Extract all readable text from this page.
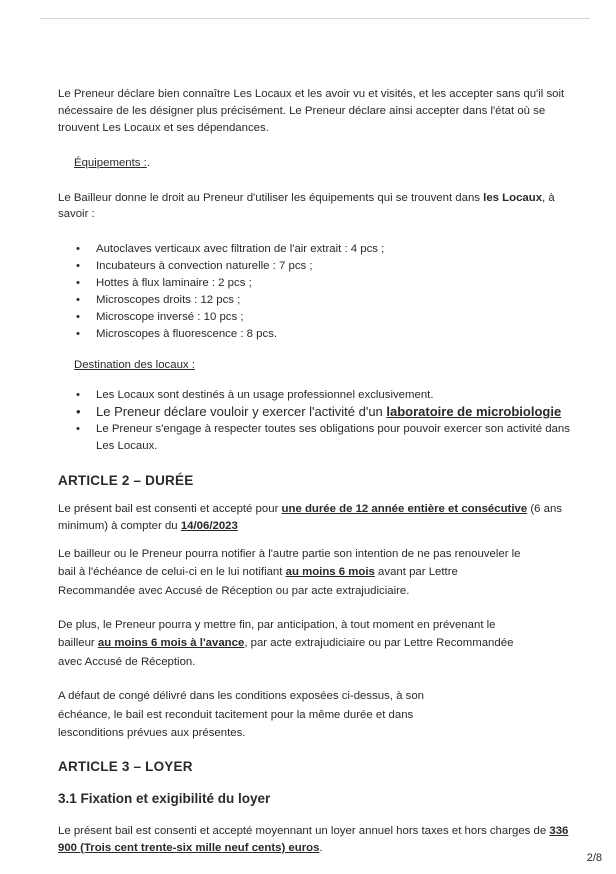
Le Preneur déclare bien connaître Les Locaux et les avoir vu et visités, et les accepter sans qu'il soit nécessaire de les désigner plus précisément. Le Preneur déclare ainsi accepter dans l'état où se trouvent Les Locaux et ses dépendances.

Équipements :.

Le Bailleur donne le droit au Preneur d'utiliser les équipements qui se trouvent dans les Locaux, à savoir :

• Autoclaves verticaux avec filtration de l'air extrait : 4 pcs ;
• Incubateurs à convection naturelle : 7 pcs ;
• Hottes à flux laminaire : 2 pcs ;
• Microscopes droits : 12 pcs ;
• Microscope inversé : 10 pcs ;
• Microscopes à fluorescence : 8 pcs.

Destination des locaux :

• Les Locaux sont destinés à un usage professionnel exclusivement.
• Le Preneur déclare vouloir y exercer l'activité d'un laboratoire de microbiologie
• Le Preneur s'engage à respecter toutes ses obligations pour pouvoir exercer son activité dans Les Locaux.
ARTICLE 2 – DURÉE

Le présent bail est consenti et accepté pour une durée de 12 année entière et consécutive (6 ans minimum) à compter du 14/06/2023

Le bailleur ou le Preneur pourra notifier à l'autre partie son intention de ne pas renouveler le bail à l'échéance de celui-ci en le lui notifiant au moins 6 mois avant par Lettre Recommandée avec Accusé de Réception ou par acte extrajudiciaire.

De plus, le Preneur pourra y mettre fin, par anticipation, à tout moment en prévenant le bailleur au moins 6 mois à l'avance, par acte extrajudiciaire ou par Lettre Recommandée avec Accusé de Réception.

A défaut de congé délivré dans les conditions exposées ci-dessus, à son échéance, le bail est reconduit tacitement pour la même durée et dans lesconditions prévues aux présentes.

ARTICLE 3 – LOYER
3.1 Fixation et exigibilité du loyer

Le présent bail est consenti et accepté moyennant un loyer annuel hors taxes et hors charges de 336 900 (Trois cent trente-six mille neuf cents) euros.

2/8
